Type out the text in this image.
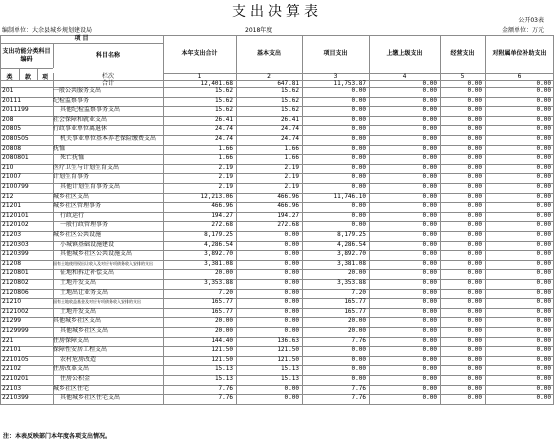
支出决算表
公开03表
编制单位：大余县城乡规划建设局	2018年度	金额单位：万元
项 目
支出功能分类科目编码
科目名称
类	款	项
本年支出合计
1
基本支出
2
项目支出
3
上缴上级支出
4
经营支出
5
对附属单位补助支出
6
栏次
合计	12,401.68	647.81	11,753.87	0.00	0.00	0.00
201	一般公共服务支出	15.62	15.62	0.00	0.00	0.00	0.00
20111	纪检监察事务	15.62	15.62	0.00	0.00	0.00	0.00
2011199	其他纪检监察事务支出	15.62	15.62	0.00	0.00	0.00	0.00
208	社会保障和就业支出	26.41	26.41	0.00	0.00	0.00	0.00
20805	行政事业单位离退休	24.74	24.74	0.00	0.00	0.00	0.00
2080505	机关事业单位基本养老保险缴费支出	24.74	24.74	0.00	0.00	0.00	0.00
20808	抚恤	1.66	1.66	0.00	0.00	0.00	0.00
2080801	死亡抚恤	1.66	1.66	0.00	0.00	0.00	0.00
210	医疗卫生与计划生育支出	2.19	2.19	0.00	0.00	0.00	0.00
21007	计划生育事务	2.19	2.19	0.00	0.00	0.00	0.00
2100799	其他计划生育事务支出	2.19	2.19	0.00	0.00	0.00	0.00
212	城乡社区支出	12,213.06	466.96	11,746.10	0.00	0.00	0.00
21201	城乡社区管理事务	466.96	466.96	0.00	0.00	0.00	0.00
2120101	行政运行	194.27	194.27	0.00	0.00	0.00	0.00
2120102	一般行政管理事务	272.68	272.68	0.00	0.00	0.00	0.00
21203	城乡社区公共设施	8,179.25	0.00	8,179.25	0.00	0.00	0.00
2120303	小城镇基础设施建设	4,286.54	0.00	4,286.54	0.00	0.00	0.00
2120399	其他城乡社区公共设施支出	3,892.70	0.00	3,892.70	0.00	0.00	0.00
21208	国有土地使用权出让收入及对应专项债务收入安排的支出	3,381.08	0.00	3,381.08	0.00	0.00	0.00
2120801	征地和拆迁补偿支出	20.00	0.00	20.00	0.00	0.00	0.00
2120802	土地开发支出	3,353.88	0.00	3,353.88	0.00	0.00	0.00
2120806	土地出让业务支出	7.20	0.00	7.20	0.00	0.00	0.00
21210	国有土地收益基金及对应专项债务收入安排的支出	165.77	0.00	165.77	0.00	0.00	0.00
2121002	土地开发支出	165.77	0.00	165.77	0.00	0.00	0.00
21299	其他城乡社区支出	20.00	0.00	20.00	0.00	0.00	0.00
2129999	其他城乡社区支出	20.00	0.00	20.00	0.00	0.00	0.00
221	住房保障支出	144.40	136.63	7.76	0.00	0.00	0.00
22101	保障性安居工程支出	121.50	121.50	0.00	0.00	0.00	0.00
2210105	农村危房改造	121.50	121.50	0.00	0.00	0.00	0.00
22102	住房改革支出	15.13	15.13	0.00	0.00	0.00	0.00
2210201	住房公积金	15.13	15.13	0.00	0.00	0.00	0.00
22103	城乡社区住宅	7.76	0.00	7.76	0.00	0.00	0.00
2210399	其他城乡社区住宅支出	7.76	0.00	7.76	0.00	0.00	0.00
注：本表反映部门本年度各项支出情况。
